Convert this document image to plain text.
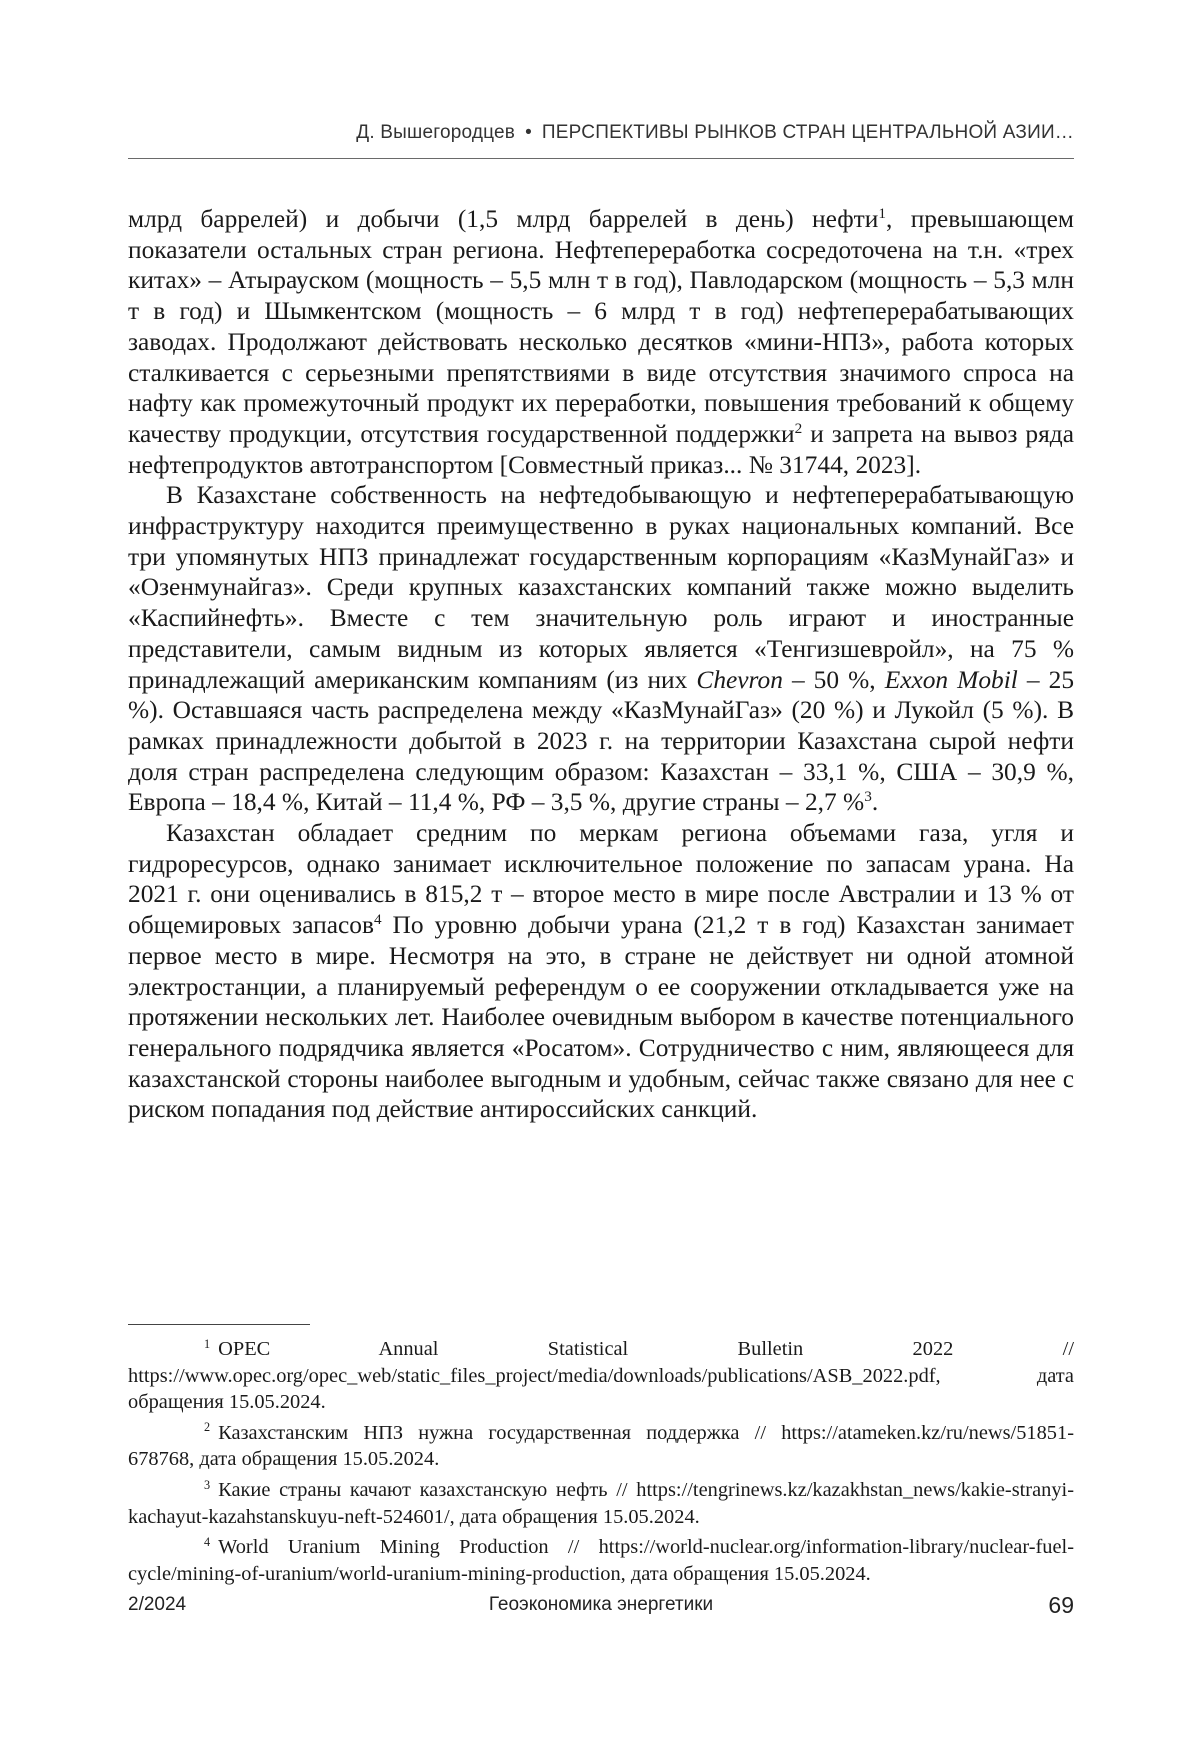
Д. Вышегородцев • ПЕРСПЕКТИВЫ РЫНКОВ СТРАН ЦЕНТРАЛЬНОЙ АЗИИ…

млрд баррелей) и добычи (1,5 млрд баррелей в день) нефти$^1$, превышающем показатели остальных стран региона. Нефтепереработка сосредоточена на т.н. «трех китах» – Атырауском (мощность – 5,5 млн т в год), Павлодарском (мощность – 5,3 млн т в год) и Шымкентском (мощность – 6 млрд т в год) нефтеперерабатывающих заводах. Продолжают действовать несколько десятков «мини-НПЗ», работа которых сталкивается с серьезными препятствиями в виде отсутствия значимого спроса на нафту как промежуточный продукт их переработки, повышения требований к общему качеству продукции, отсутствия государственной поддержки$^2$ и запрета на вывоз ряда нефтепродуктов автотранспортом [Совместный приказ... № 31744, 2023].

В Казахстане собственность на нефтедобывающую и нефтеперерабатывающую инфраструктуру находится преимущественно в руках национальных компаний. Все три упомянутых НПЗ принадлежат государственным корпорациям «КазМунайГаз» и «Озенмунайгаз». Среди крупных казахстанских компаний также можно выделить «Каспийнефть». Вместе с тем значительную роль играют и иностранные представители, самым видным из которых является «Тенгизшевройл», на 75 % принадлежащий американским компаниям (из них Chevron – 50 %, Exxon Mobil – 25 %). Оставшаяся часть распределена между «КазМунайГаз» (20 %) и Лукойл (5 %). В рамках принадлежности добытой в 2023 г. на территории Казахстана сырой нефти доля стран распределена следующим образом: Казахстан – 33,1 %, США – 30,9 %, Европа – 18,4 %, Китай – 11,4 %, РФ – 3,5 %, другие страны – 2,7 %$^3$.

Казахстан обладает средним по меркам региона объемами газа, угля и гидроресурсов, однако занимает исключительное положение по запасам урана. На 2021 г. они оценивались в 815,2 т – второе место в мире после Австралии и 13 % от общемировых запасов$^4$ По уровню добычи урана (21,2 т в год) Казахстан занимает первое место в мире. Несмотря на это, в стране не действует ни одной атомной электростанции, а планируемый референдум о ее сооружении откладывается уже на протяжении нескольких лет. Наиболее очевидным выбором в качестве потенциального генерального подрядчика является «Росатом». Сотрудничество с ним, являющееся для казахстанской стороны наиболее выгодным и удобным, сейчас также связано для нее с риском попадания под действие антироссийских санкций.

$^1$ OPEC Annual Statistical Bulletin 2022 // https://www.opec.org/opec_web/static_files_project/media/downloads/publications/ASB_2022.pdf, дата обращения 15.05.2024.
$^2$ Казахстанским НПЗ нужна государственная поддержка // https://atameken.kz/ru/news/51851-678768, дата обращения 15.05.2024.
$^3$ Какие страны качают казахстанскую нефть // https://tengrinews.kz/kazakhstan_news/kakie-stranyi-kachayut-kazahstanskuyu-neft-524601/, дата обращения 15.05.2024.
$^4$ World Uranium Mining Production // https://world-nuclear.org/information-library/nuclear-fuel-cycle/mining-of-uranium/world-uranium-mining-production, дата обращения 15.05.2024.
2/2024	Геоэкономика энергетики	69
